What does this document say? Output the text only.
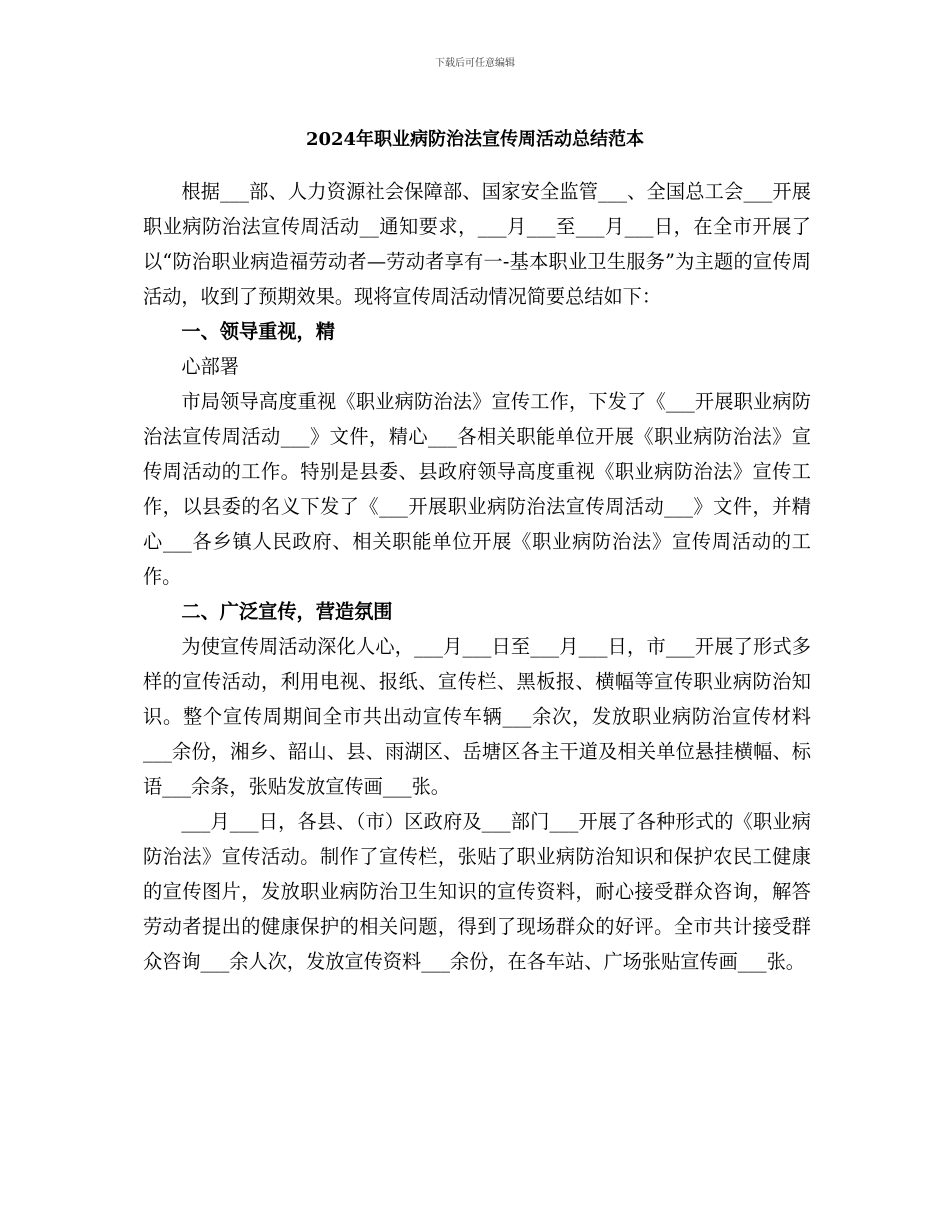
下载后可任意编辑
2024年职业病防治法宣传周活动总结范本

根据___部、人力资源社会保障部、国家安全监管___、全国总工会___开展职业病防治法宣传周活动__通知要求，___月___至___月___日，在全市开展了以“防治职业病造福劳动者—劳动者享有一-基本职业卫生服务”为主题的宣传周活动，收到了预期效果。现将宣传周活动情况简要总结如下：

一、领导重视，精

心部署

市局领导高度重视《职业病防治法》宣传工作，下发了《___开展职业病防治法宣传周活动___》文件，精心___各相关职能单位开展《职业病防治法》宣传周活动的工作。特别是县委、县政府领导高度重视《职业病防治法》宣传工作，以县委的名义下发了《___开展职业病防治法宣传周活动___》文件，并精心___各乡镇人民政府、相关职能单位开展《职业病防治法》宣传周活动的工作。

二、广泛宣传，营造氛围

为使宣传周活动深化人心，___月___日至___月___日，市___开展了形式多样的宣传活动，利用电视、报纸、宣传栏、黑板报、横幅等宣传职业病防治知识。整个宣传周期间全市共出动宣传车辆___余次，发放职业病防治宣传材料___余份，湘乡、韶山、县、雨湖区、岳塘区各主干道及相关单位悬挂横幅、标语___余条，张贴发放宣传画___张。

___月___日，各县、（市）区政府及___部门___开展了各种形式的《职业病防治法》宣传活动。制作了宣传栏，张贴了职业病防治知识和保护农民工健康的宣传图片，发放职业病防治卫生知识的宣传资料，耐心接受群众咨询，解答劳动者提出的健康保护的相关问题，得到了现场群众的好评。全市共计接受群众咨询___余人次，发放宣传资料___余份，在各车站、广场张贴宣传画___张。
